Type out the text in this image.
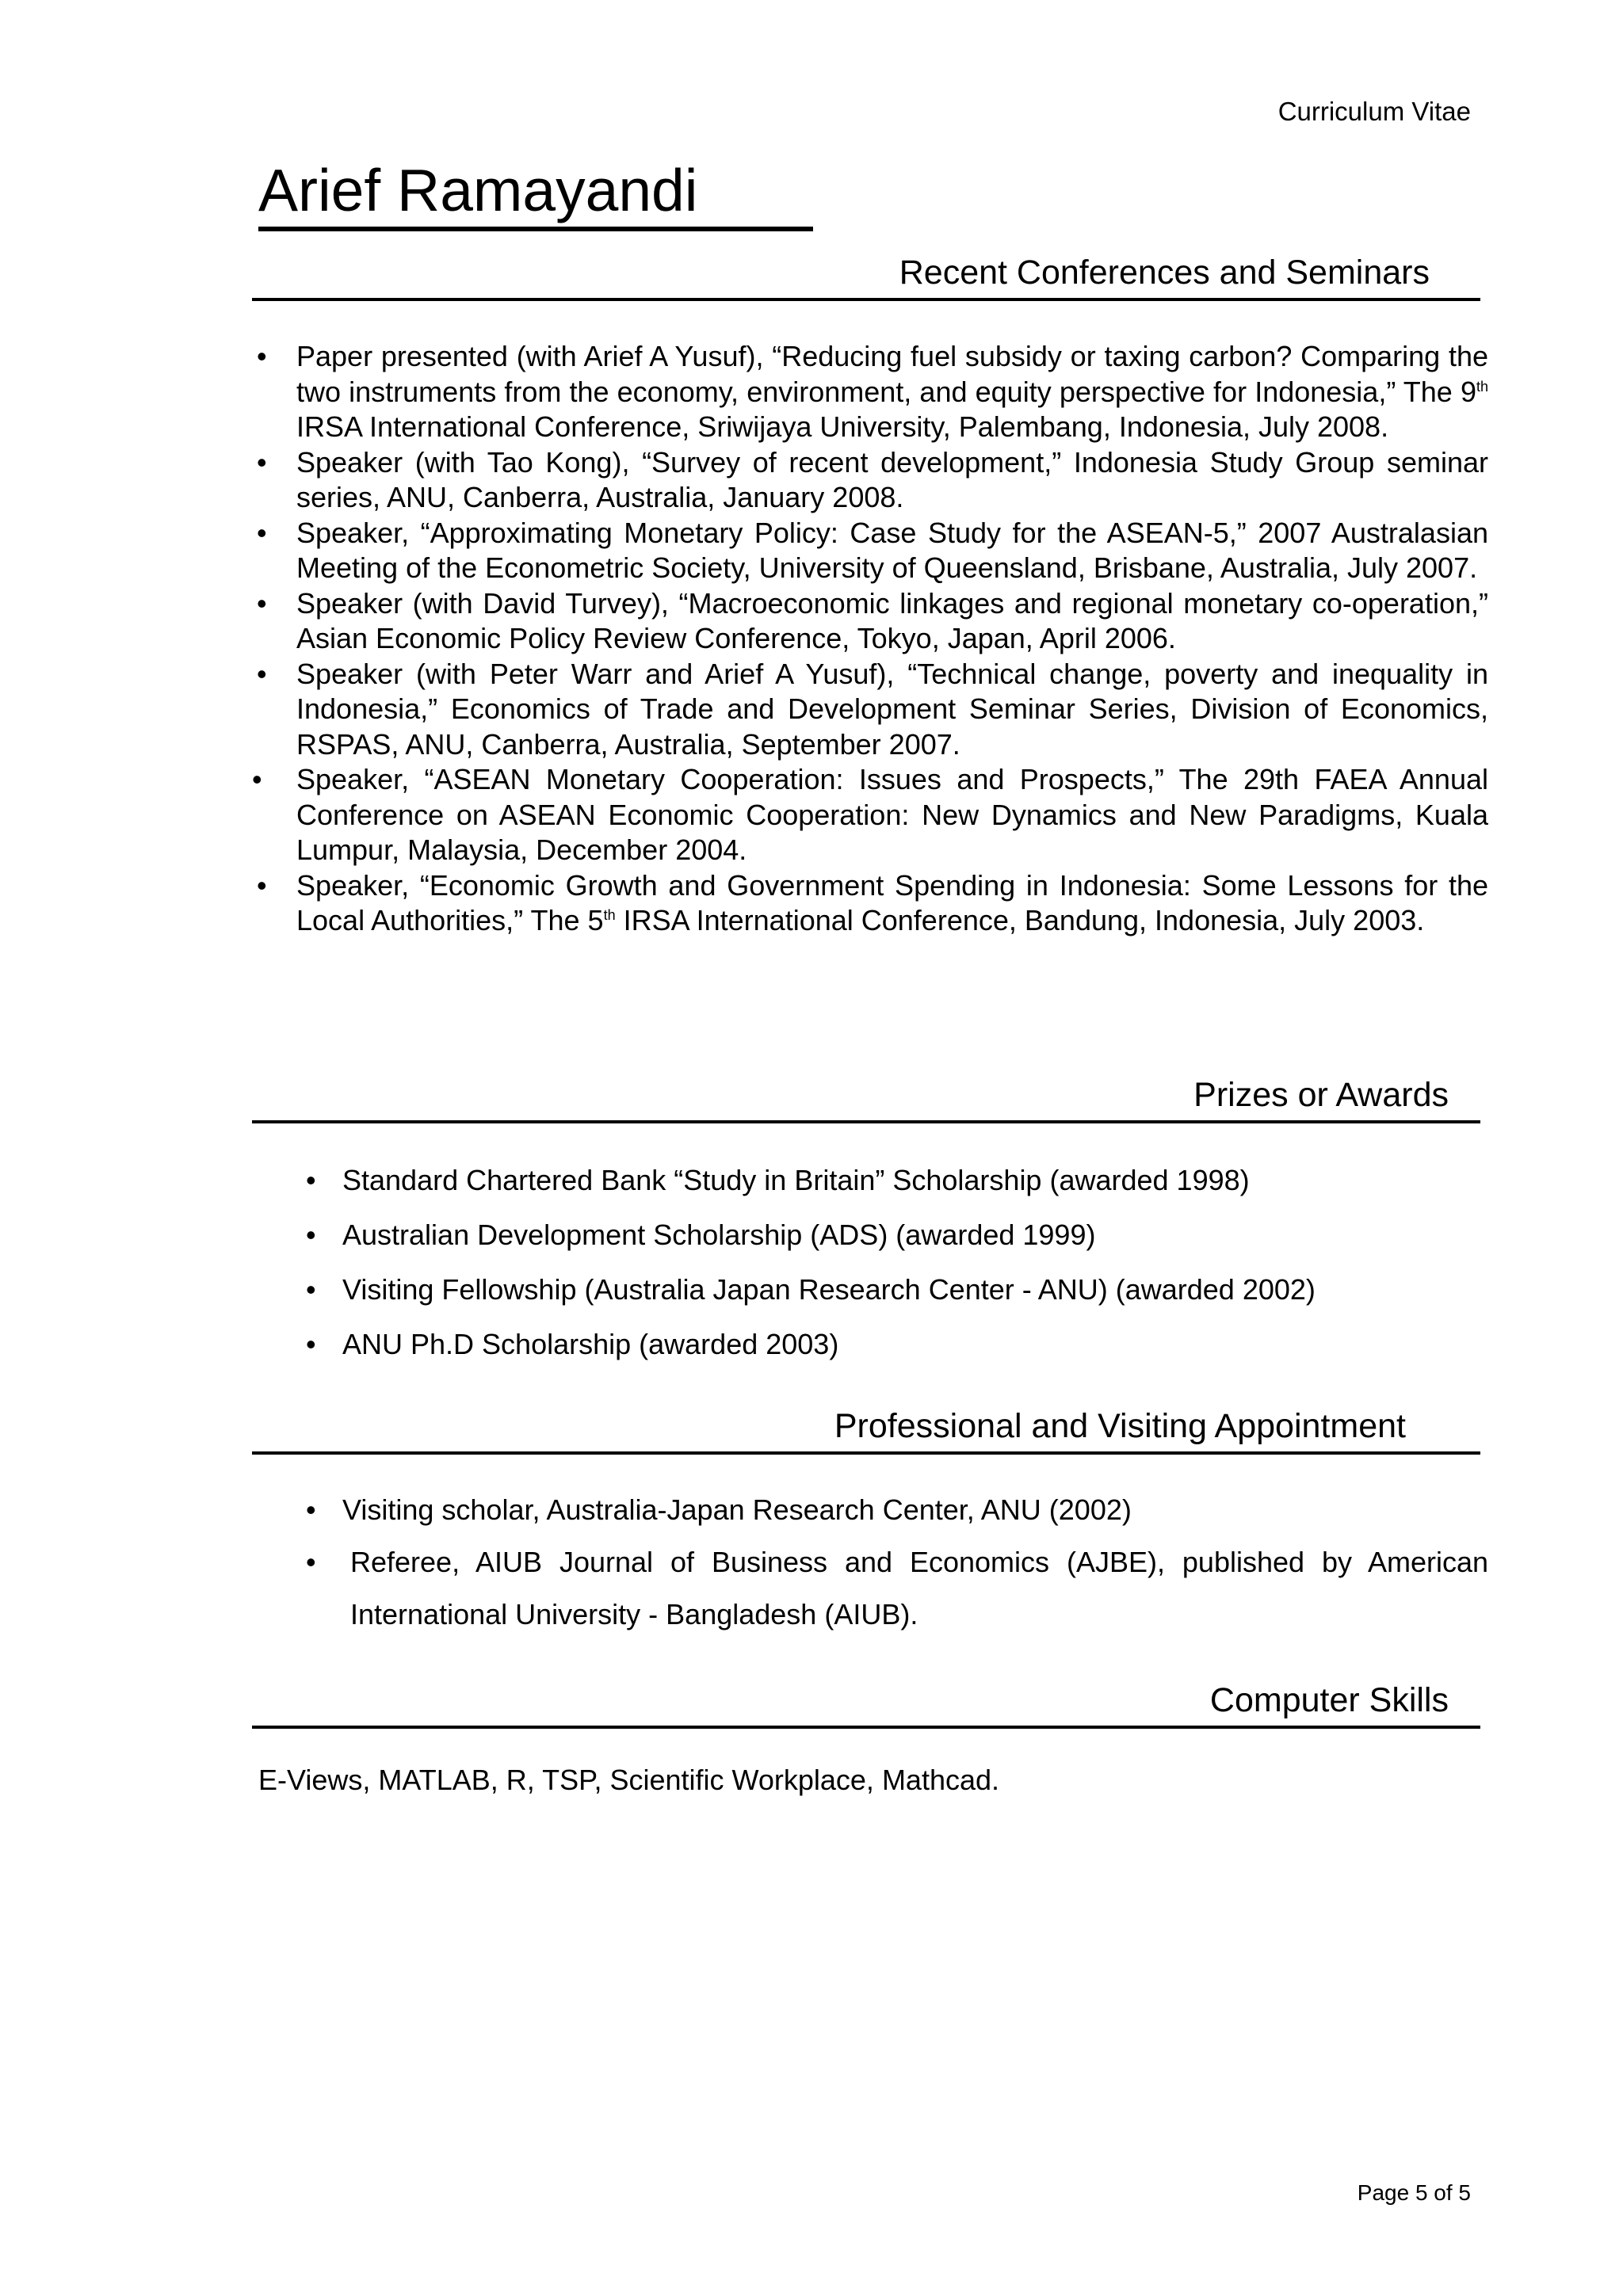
Curriculum Vitae
Arief Ramayandi
Recent Conferences and Seminars
• Paper presented (with Arief A Yusuf), “Reducing fuel subsidy or taxing carbon? Comparing the two instruments from the economy, environment, and equity perspective for Indonesia,” The 9th IRSA International Conference, Sriwijaya University, Palembang, Indonesia, July 2008.
• Speaker (with Tao Kong), “Survey of recent development,” Indonesia Study Group seminar series, ANU, Canberra, Australia, January 2008.
• Speaker, “Approximating Monetary Policy: Case Study for the ASEAN-5,” 2007 Australasian Meeting of the Econometric Society, University of Queensland, Brisbane, Australia, July 2007.
• Speaker (with David Turvey), “Macroeconomic linkages and regional monetary co-operation,” Asian Economic Policy Review Conference, Tokyo, Japan, April 2006.
• Speaker (with Peter Warr and Arief A Yusuf), “Technical change, poverty and inequality in Indonesia,” Economics of Trade and Development Seminar Series, Division of Economics, RSPAS, ANU, Canberra, Australia, September 2007.
• Speaker, “ASEAN Monetary Cooperation: Issues and Prospects,” The 29th FAEA Annual Conference on ASEAN Economic Cooperation: New Dynamics and New Paradigms, Kuala Lumpur, Malaysia, December 2004.
• Speaker, “Economic Growth and Government Spending in Indonesia: Some Lessons for the Local Authorities,” The 5th IRSA International Conference, Bandung, Indonesia, July 2003.
Prizes or Awards
• Standard Chartered Bank “Study in Britain” Scholarship (awarded 1998)
• Australian Development Scholarship (ADS) (awarded 1999)
• Visiting Fellowship (Australia Japan Research Center - ANU) (awarded 2002)
• ANU Ph.D Scholarship (awarded 2003)
Professional and Visiting Appointment
• Visiting scholar, Australia-Japan Research Center, ANU (2002)
• Referee, AIUB Journal of Business and Economics (AJBE), published by American International University - Bangladesh (AIUB).
Computer Skills
E-Views, MATLAB, R, TSP, Scientific Workplace, Mathcad.
Page 5 of 5
